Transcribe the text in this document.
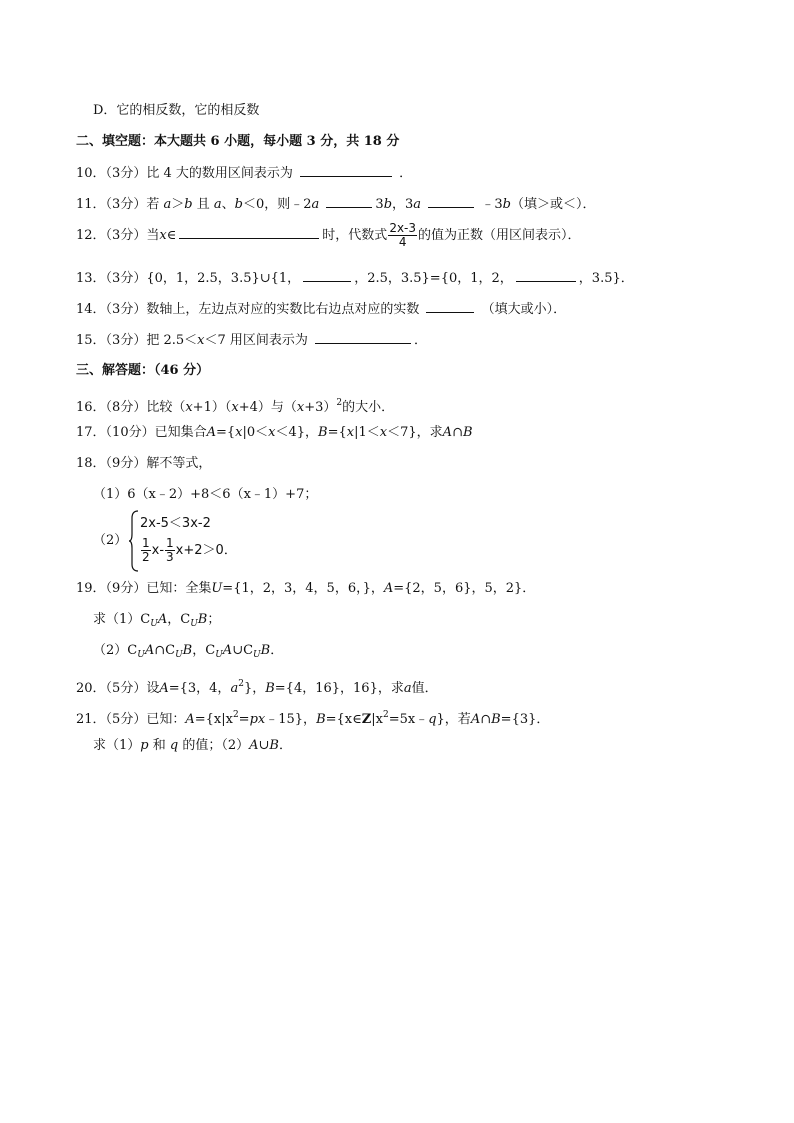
D．它的相反数，它的相反数
二、填空题：本大题共 6 小题，每小题 3 分，共 18 分
10．（3分）比 4 大的数用区间表示为	．
11．（3分）若 a＞b 且 a、b＜0，则﹣2a	3b，3a	﹣3b（填＞或＜）．
12．（3分）当x∈	时，代数式 $\frac{2x-3}{4}$ 的值为正数（用区间表示）．
13．（3分）{0，1，2.5，3.5}∪{1，	，2.5，3.5}={0，1，2，	，3.5}．
14．（3分）数轴上，左边点对应的实数比右边点对应的实数	（填大或小）．
15．（3分）把 2.5＜x＜7 用区间表示为	．
三、解答题：（46 分）
16．（8分）比较（x+1）（x+4）与$(x+3)^2$的大小．
17．（10分）已知集合A={x|0＜x＜4}，B={x|1＜x＜7}，求A∩B
18．（9分）解不等式，
（1）6（x﹣2）+8＜6（x﹣1）+7；
（2）
2x-5＜3x-2
$\frac{1}{2} x- \frac{1}{3} x+2>0$．
19．（9分）已知：全集U={1，2，3，4，5，6，}，A={2，5，6}，5，2}．
求$(1)C_UA$，$C_UB$；
$(2)C_UA\cap C_UB$，$C_UA\cup C_UB$．
20．（5分）设A={3，4，$a^2$}，B={4，16}，16}，求a值．
21．（5分）已知：$A=\{x|x^2=px﹣15\}$，$B=\{x\in Z|x^2=5x﹣q\}$，若A∩B={3}．
求（1）p 和 q 的值；（2）A∪B．
